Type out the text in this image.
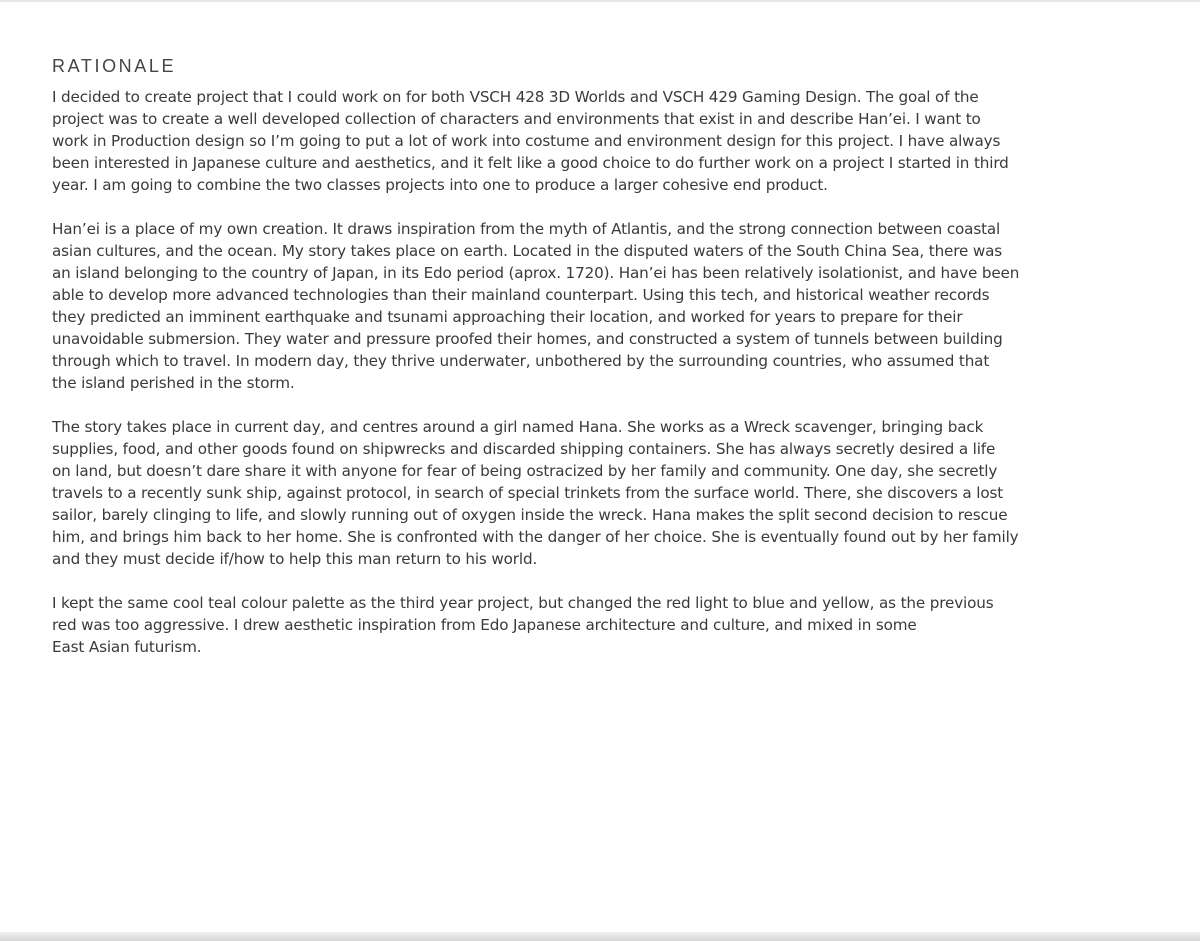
RATIONALE

I decided to create project that I could work on for both VSCH 428 3D Worlds and VSCH 429 Gaming Design. The goal of the
project was to create a well developed collection of characters and environments that exist in and describe Han’ei. I want to
work in Production design so I’m going to put a lot of work into costume and environment design for this project. I have always
been interested in Japanese culture and aesthetics, and it felt like a good choice to do further work on a project I started in third
year. I am going to combine the two classes projects into one to produce a larger cohesive end product.

Han’ei is a place of my own creation. It draws inspiration from the myth of Atlantis, and the strong connection between coastal
asian cultures, and the ocean. My story takes place on earth. Located in the disputed waters of the South China Sea, there was
an island belonging to the country of Japan, in its Edo period (aprox. 1720). Han’ei has been relatively isolationist, and have been
able to develop more advanced technologies than their mainland counterpart. Using this tech, and historical weather records
they predicted an imminent earthquake and tsunami approaching their location, and worked for years to prepare for their
unavoidable submersion. They water and pressure proofed their homes, and constructed a system of tunnels between building
through which to travel. In modern day, they thrive underwater, unbothered by the surrounding countries, who assumed that
the island perished in the storm.

The story takes place in current day, and centres around a girl named Hana. She works as a Wreck scavenger, bringing back
supplies, food, and other goods found on shipwrecks and discarded shipping containers. She has always secretly desired a life
on land, but doesn’t dare share it with anyone for fear of being ostracized by her family and community. One day, she secretly
travels to a recently sunk ship, against protocol, in search of special trinkets from the surface world. There, she discovers a lost
sailor, barely clinging to life, and slowly running out of oxygen inside the wreck. Hana makes the split second decision to rescue
him, and brings him back to her home. She is confronted with the danger of her choice. She is eventually found out by her family
and they must decide if/how to help this man return to his world.

I kept the same cool teal colour palette as the third year project, but changed the red light to blue and yellow, as the previous
red was too aggressive. I drew aesthetic inspiration from Edo Japanese architecture and culture, and mixed in some
East Asian futurism.
